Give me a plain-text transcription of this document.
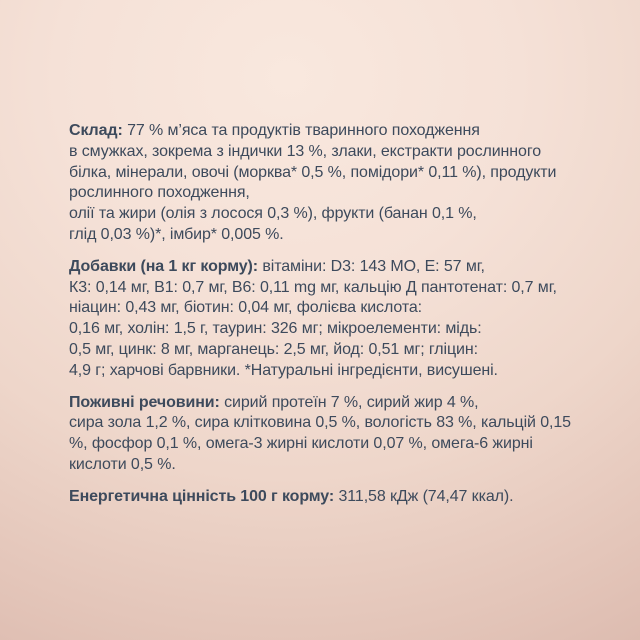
Склад: 77 % м’яса та продуктів тваринного походження
в смужках, зокрема з індички 13 %, злаки, екстракти рослинного
білка, мінерали, овочі (морква* 0,5 %, помідори* 0,11 %), продукти
рослинного походження,
олії та жири (олія з лосося 0,3 %), фрукти (банан 0,1 %,
глід 0,03 %)*, імбир* 0,005 %.

Добавки (на 1 кг корму): вітаміни: D3: 143 МО, Е: 57 мг,
К3: 0,14 мг, В1: 0,7 мг, В6: 0,11 mg мг, кальцію Д пантотенат: 0,7 мг,
ніацин: 0,43 мг, біотин: 0,04 мг, фолієва кислота:
0,16 мг, холін: 1,5 г, таурин: 326 мг; мікроелементи: мідь:
0,5 мг, цинк: 8 мг, марганець: 2,5 мг, йод: 0,51 мг; гліцин:
4,9 г; харчові барвники. *Натуральні інгредієнти, висушені.

Поживні речовини: сирий протеїн 7 %, сирий жир 4 %,
сира зола 1,2 %, сира клітковина 0,5 %, вологість 83 %, кальцій 0,15
%, фосфор 0,1 %, омега-3 жирні кислоти 0,07 %, омега-6 жирні
кислоти 0,5 %.

Енергетична цінність 100 г корму: 311,58 кДж (74,47 ккал).
